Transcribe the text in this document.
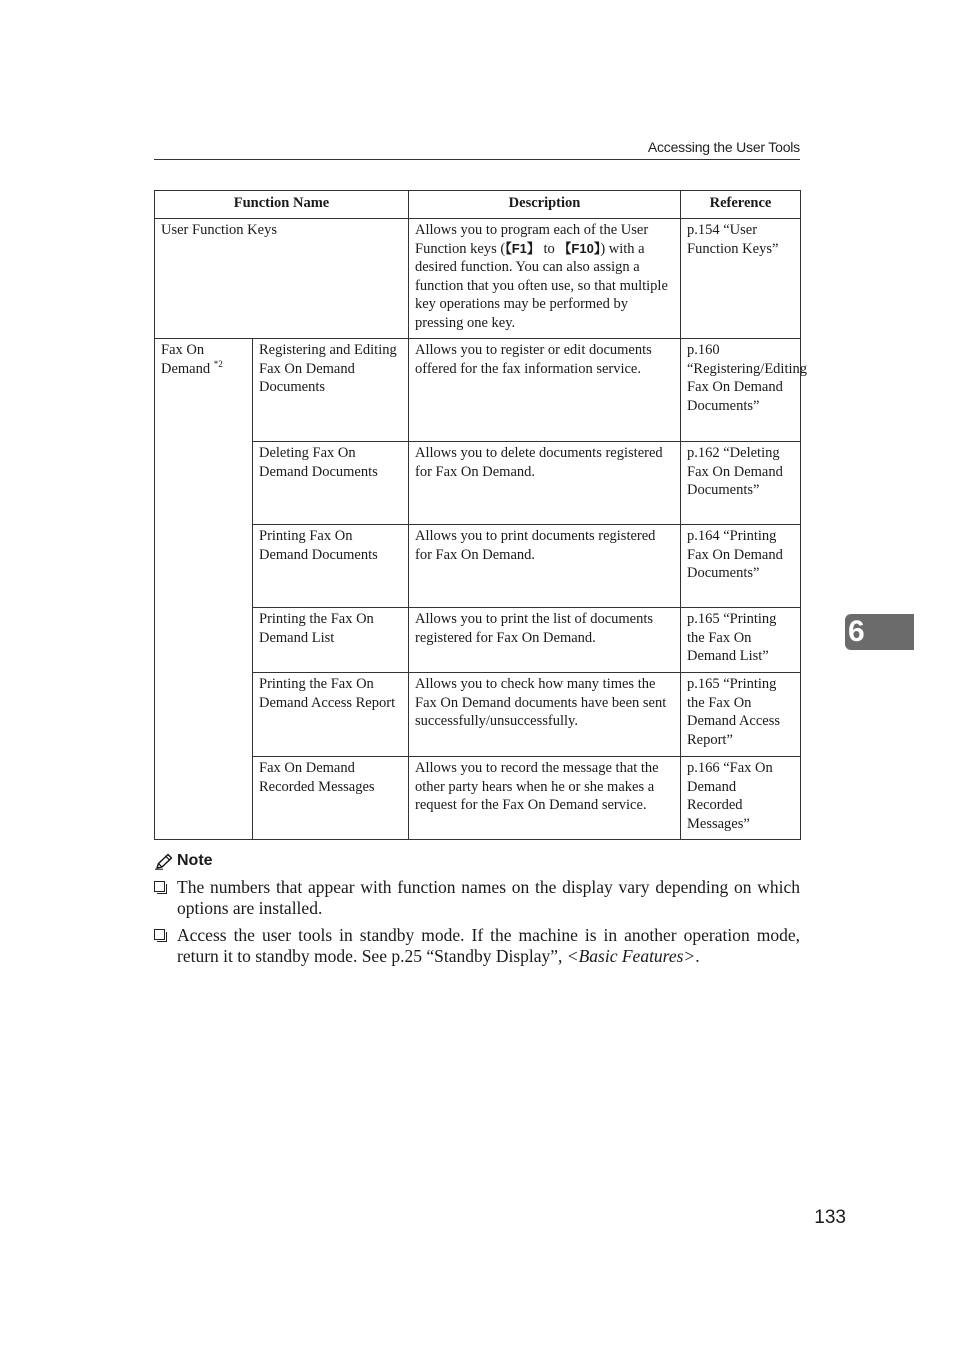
Accessing the User Tools
Function Name		Description	Reference
User Function Keys		Allows you to program each of the User Function keys (【F1】 to 【F10】) with a desired function. You can also assign a function that you often use, so that multiple key operations may be performed by pressing one key.	p.154 “User Function Keys”
Fax On Demand $^{*2}$	Registering and Editing Fax On Demand Documents	Allows you to register or edit documents offered for the fax information service.	p.160 “Registering/Editing Fax On Demand Documents”
	Deleting Fax On Demand Documents	Allows you to delete documents registered for Fax On Demand.	p.162 “Deleting Fax On Demand Documents”
	Printing Fax On Demand Documents	Allows you to print documents registered for Fax On Demand.	p.164 “Printing Fax On Demand Documents”
	Printing the Fax On Demand List	Allows you to print the list of documents registered for Fax On Demand.	p.165 “Printing the Fax On Demand List”
	Printing the Fax On Demand Access Report	Allows you to check how many times the Fax On Demand documents have been sent successfully/unsuccessfully.	p.165 “Printing the Fax On Demand Access Report”
	Fax On Demand Recorded Messages	Allows you to record the message that the other party hears when he or she makes a request for the Fax On Demand service.	p.166 “Fax On Demand Recorded Messages”
6
Note
The numbers that appear with function names on the display vary depending on which options are installed.
Access the user tools in standby mode. If the machine is in another operation mode, return it to standby mode. See p.25 “Standby Display”, <Basic Features>.
133
